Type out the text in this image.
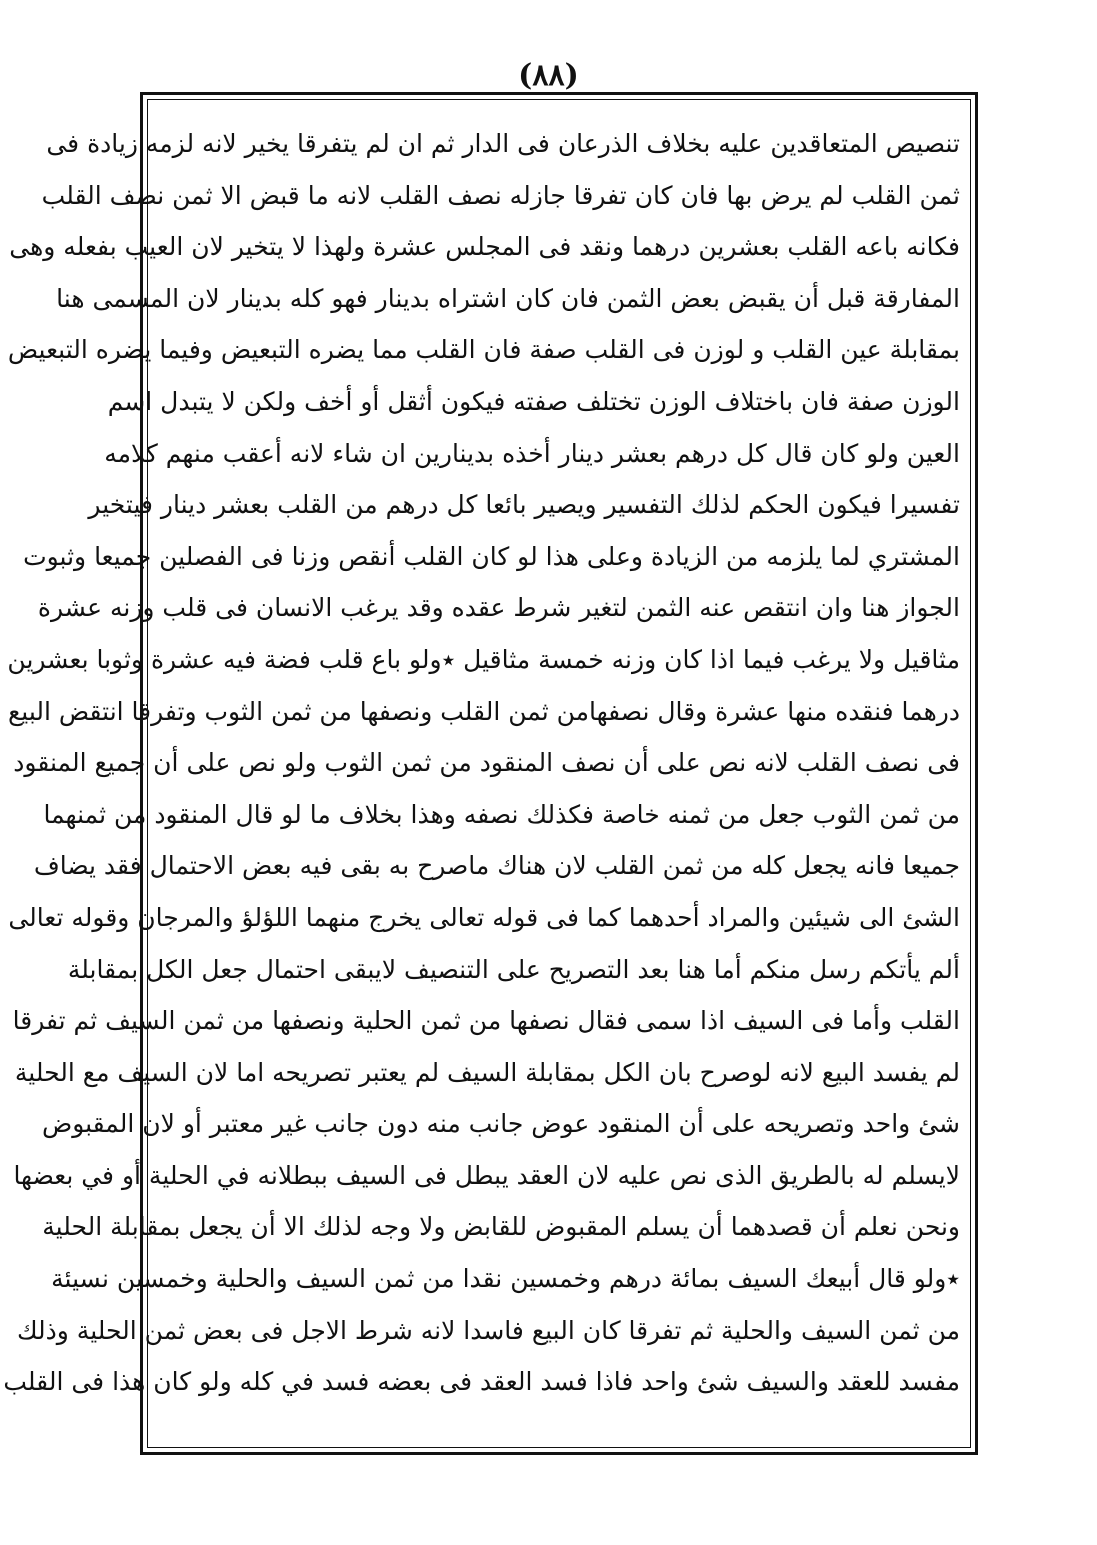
(۸۸)
تنصيص المتعاقدين عليه بخلاف الذرعان فى الدار ثم ان لم يتفرقا يخير لانه لزمه زيادة فى
ثمن القلب لم يرض بها فان كان تفرقا جازله نصف القلب لانه ما قبض الا ثمن نصف القلب
فكانه باعه القلب بعشرين درهما ونقد فى المجلس عشرة ولهذا لا يتخير لان العيب بفعله وهى
المفارقة قبل أن يقبض بعض الثمن فان كان اشتراه بدينار فهو كله بدينار لان المسمى هنا
بمقابلة عين القلب و لوزن فى القلب صفة فان القلب مما يضره التبعيض وفيما يضره التبعيض
الوزن صفة فان باختلاف الوزن تختلف صفته فيكون أثقل أو أخف ولكن لا يتبدل اسم
العين ولو كان قال كل درهم بعشر دينار أخذه بدينارين ان شاء لانه أعقب منهم كلامه
تفسيرا فيكون الحكم لذلك التفسير ويصير بائعا كل درهم من القلب بعشر دينار فيتخير
المشتري لما يلزمه من الزيادة وعلى هذا لو كان القلب أنقص وزنا فى الفصلين جميعا وثبوت
الجواز هنا وان انتقص عنه الثمن لتغير شرط عقده وقد يرغب الانسان فى قلب وزنه عشرة
مثاقيل ولا يرغب فيما اذا كان وزنه خمسة مثاقيل ٭ولو باع قلب فضة فيه عشرة وثوبا بعشرين
درهما فنقده منها عشرة وقال نصفهامن ثمن القلب ونصفها من ثمن الثوب وتفرقا انتقض البيع
فى نصف القلب لانه نص على أن نصف المنقود من ثمن الثوب ولو نص على أن جميع المنقود
من ثمن الثوب جعل من ثمنه خاصة فكذلك نصفه وهذا بخلاف ما لو قال المنقود من ثمنهما
جميعا فانه يجعل كله من ثمن القلب لان هناك ماصرح به بقى فيه بعض الاحتمال فقد يضاف
الشئ الى شيئين والمراد أحدهما كما فى قوله تعالى يخرج منهما اللؤلؤ والمرجان وقوله تعالى
ألم يأتكم رسل منكم أما هنا بعد التصريح على التنصيف لايبقى احتمال جعل الكل بمقابلة
القلب وأما فى السيف اذا سمى فقال نصفها من ثمن الحلية ونصفها من ثمن السيف ثم تفرقا
لم يفسد البيع لانه لوصرح بان الكل بمقابلة السيف لم يعتبر تصريحه اما لان السيف مع الحلية
شئ واحد وتصريحه على أن المنقود عوض جانب منه دون جانب غير معتبر أو لان المقبوض
لايسلم له بالطريق الذى نص عليه لان العقد يبطل فى السيف ببطلانه في الحلية أو في بعضها
ونحن نعلم أن قصدهما أن يسلم المقبوض للقابض ولا وجه لذلك الا أن يجعل بمقابلة الحلية
٭ولو قال أبيعك السيف بمائة درهم وخمسين نقدا من ثمن السيف والحلية وخمسين نسيئة
من ثمن السيف والحلية ثم تفرقا كان البيع فاسدا لانه شرط الاجل فى بعض ثمن الحلية وذلك
مفسد للعقد والسيف شئ واحد فاذا فسد العقد فى بعضه فسد في كله ولو كان هذا فى القلب
